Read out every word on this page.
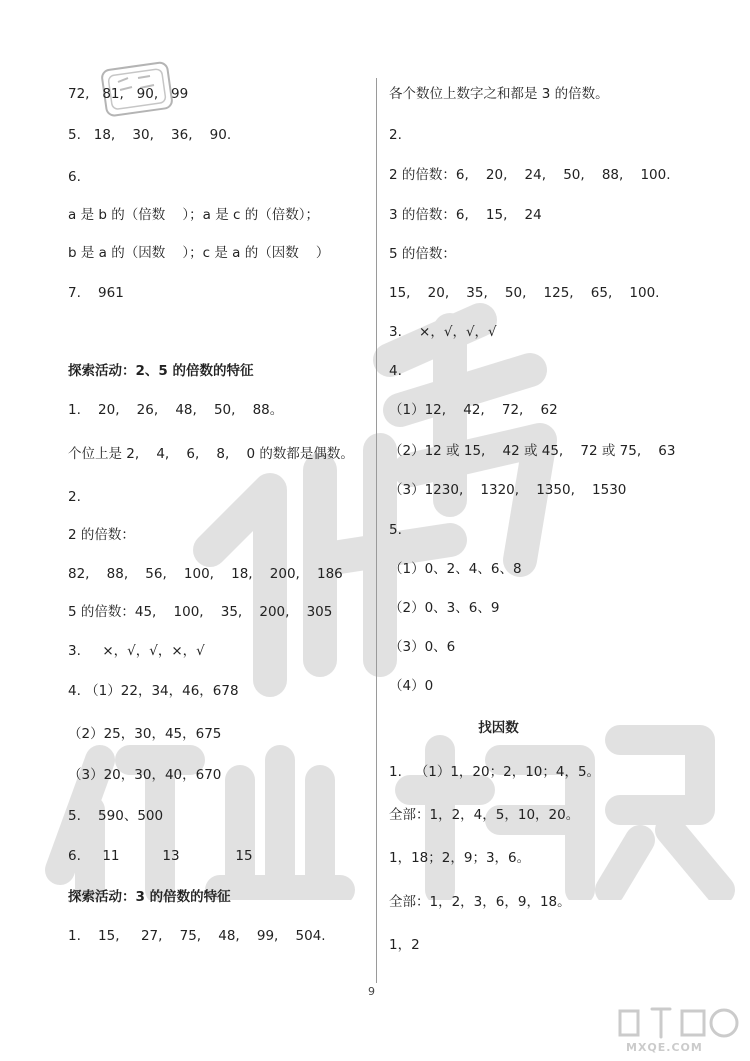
72,   81,   90,   99
5.   18,    30,    36,    90.
6.
a 是 b 的（倍数    ）；a 是 c 的（倍数）；
b 是 a 的（因数    ）；c 是 a 的（因数    ）
7.    961
探索活动：2、5 的倍数的特征
1.    20,    26,    48,    50,    88。
个位上是 2,    4,    6,    8,    0 的数都是偶数。
2.
2 的倍数：
82,    88,    56,    100,    18,    200,    186
5 的倍数：45,    100,    35,    200,    305
3.     ×，√，√，×，√
4. （1）22，34，46，678
（2）25，30，45，675
（3）20，30，40，670
5.    590、500
6.     11          13             15
探索活动：3 的倍数的特征
1.    15,     27,    75,    48,    99,    504.
各个数位上数字之和都是 3 的倍数。
2.
2 的倍数：6,    20,    24,    50,    88,    100.
3 的倍数：6,    15,    24
5 的倍数：
15,    20,    35,    50,    125,    65,    100.
3.    ×，√，√，√
4.
（1）12,    42,    72,    62
（2）12 或 15,    42 或 45,    72 或 75,    63
（3）1230,    1320,    1350,    1530
5.
（1）0、2、4、6、8
（2）0、3、6、9
（3）0、6
（4）0
找因数
1.   （1）1，20；2，10；4，5。
全部：1，2，4，5，10，20。
1，18；2，9；3，6。
全部：1，2，3，6，9，18。
1，2
9
MXQE.COM
